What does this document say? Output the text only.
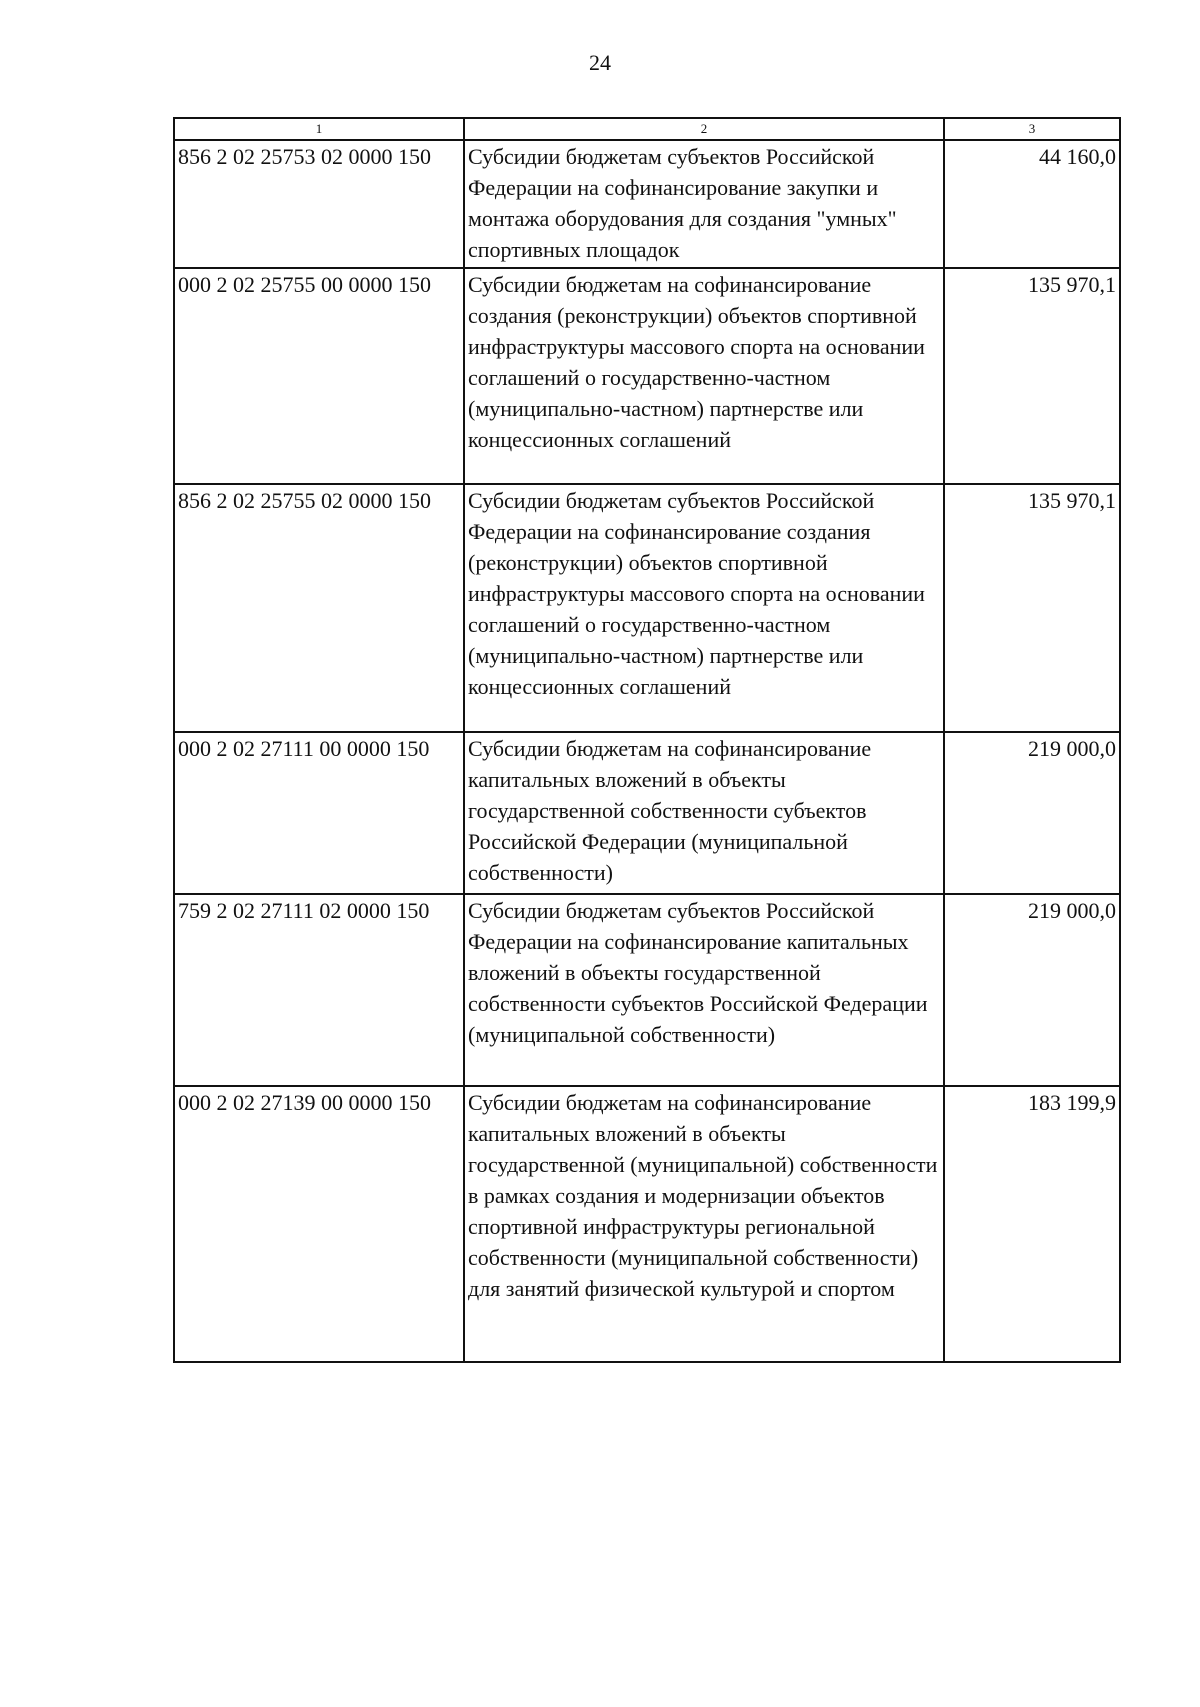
24
1	2	3
856 2 02 25753 02 0000 150	Субсидии бюджетам субъектов Российской Федерации на софинансирование закупки и монтажа оборудования для создания "умных" спортивных площадок	44 160,0
000 2 02 25755 00 0000 150	Субсидии бюджетам на софинансирование создания (реконструкции) объектов спортивной инфраструктуры массового спорта на основании соглашений о государственно-частном (муниципально-частном) партнерстве или концессионных соглашений	135 970,1
856 2 02 25755 02 0000 150	Субсидии бюджетам субъектов Российской Федерации на софинансирование создания (реконструкции) объектов спортивной инфраструктуры массового спорта на основании соглашений о государственно-частном (муниципально-частном) партнерстве или концессионных соглашений	135 970,1
000 2 02 27111 00 0000 150	Субсидии бюджетам на софинансирование капитальных вложений в объекты государственной собственности субъектов Российской Федерации (муниципальной собственности)	219 000,0
759 2 02 27111 02 0000 150	Субсидии бюджетам субъектов Российской Федерации на софинансирование капитальных вложений в объекты государственной собственности субъектов Российской Федерации (муниципальной собственности)	219 000,0
000 2 02 27139 00 0000 150	Субсидии бюджетам на софинансирование капитальных вложений в объекты государственной (муниципальной) собственности в рамках создания и модернизации объектов спортивной инфраструктуры региональной собственности (муниципальной собственности) для занятий физической культурой и спортом	183 199,9
